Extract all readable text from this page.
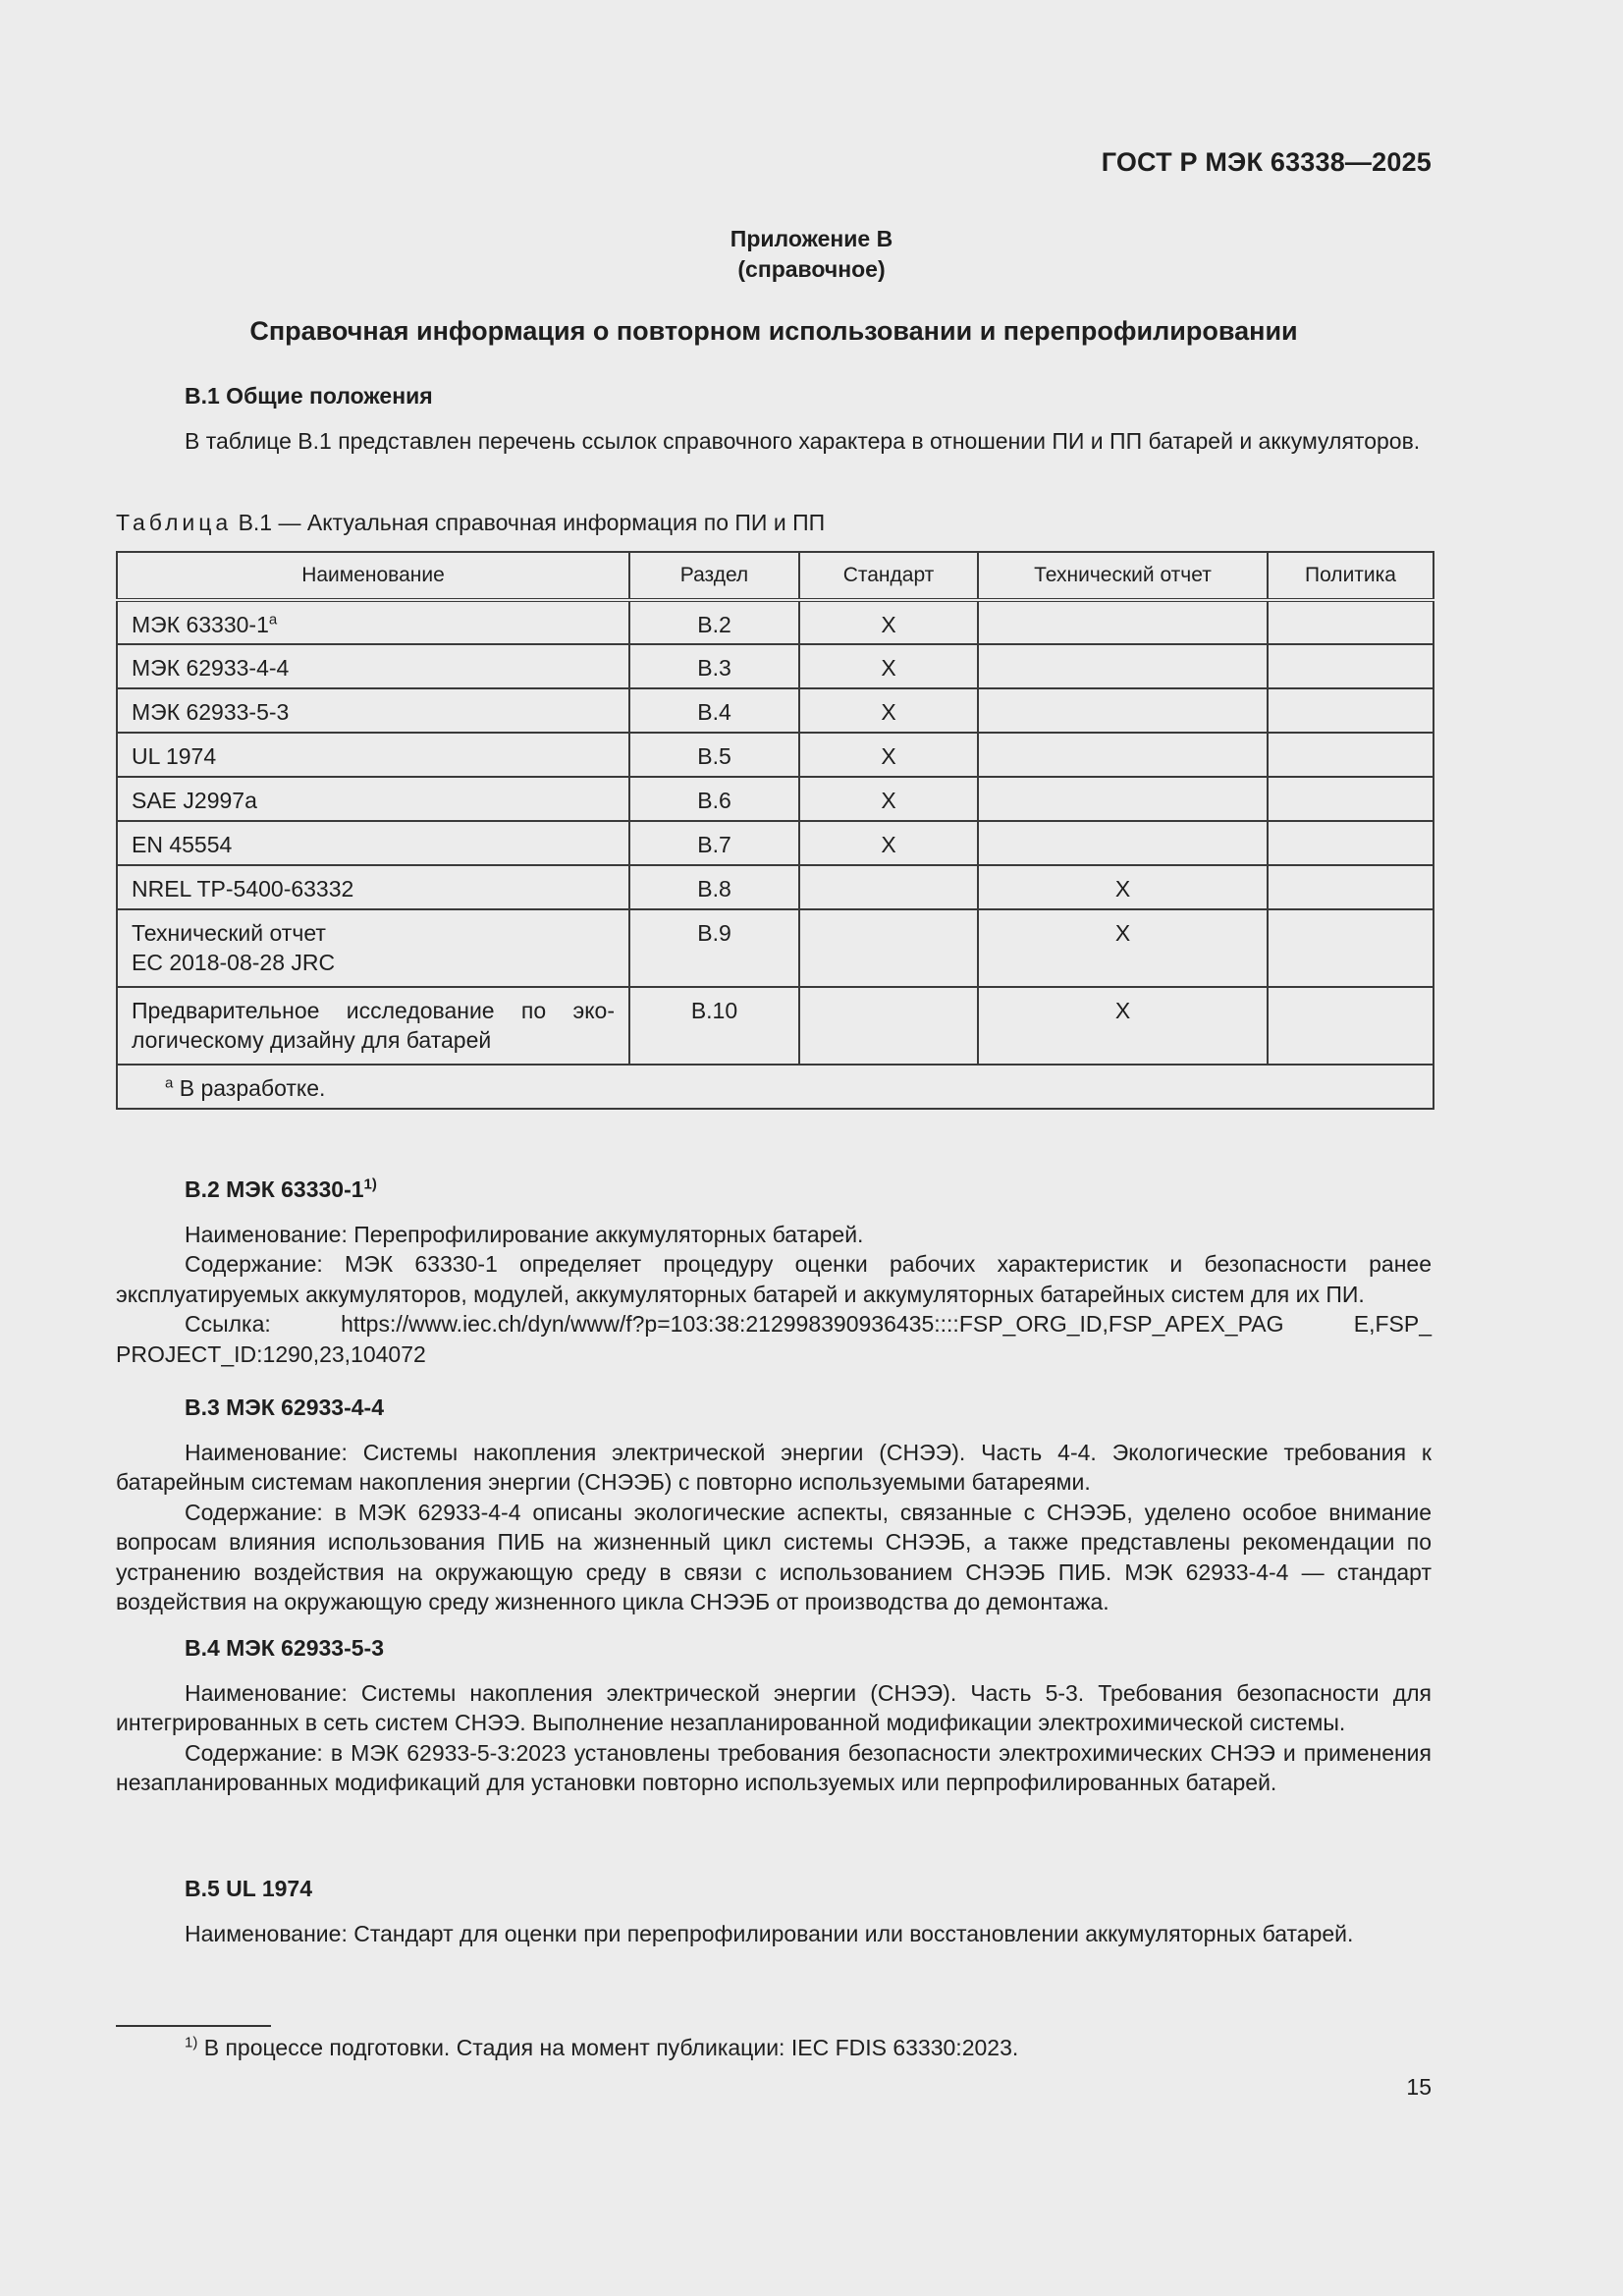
ГОСТ Р МЭК 63338—2025
Приложение В
(справочное)
Справочная информация о повторном использовании и перепрофилировании
В.1 Общие положения

В таблице В.1 представлен перечень ссылок справочного характера в отношении ПИ и ПП батарей и аккумуляторов.

Таблица В.1 — Актуальная справочная информация по ПИ и ПП
Наименование	Раздел	Стандарт	Технический отчет	Политика
МЭК 63330-1$^a$	В.2	X		
МЭК 62933-4-4	В.3	X		
МЭК 62933-5-3	В.4	X		
UL 1974	В.5	X		
SAE J2997a	В.6	X		
EN 45554	В.7	X		
NREL TP-5400-63332	В.8		X	

Технический отчет
EC 2018-08-28 JRC	В.9		X	

Предварительное исследование по эко-
логическому дизайну для батарей	В.10		X	
$^a$ В разработке.				
В.2 МЭК 63330-1$^{1)}$

Наименование: Перепрофилирование аккумуляторных батарей.

Содержание: МЭК 63330-1 определяет процедуру оценки рабочих характеристик и безопасности ранее эксплуатируемых аккумуляторов, модулей, аккумуляторных батарей и аккумуляторных батарейных систем для их ПИ.

Ссылка: https://www.iec.ch/dyn/www/f?p=103:38:212998390936435::::FSP_ORG_ID,FSP_APEX_PAG E,FSP_

PROJECT_ID:1290,23,104072

В.3 МЭК 62933-4-4

Наименование: Системы накопления электрической энергии (СНЭЭ). Часть 4-4. Экологические требования к батарейным системам накопления энергии (СНЭЭБ) с повторно используемыми батареями.

Содержание: в МЭК 62933-4-4 описаны экологические аспекты, связанные с СНЭЭБ, уделено особое внимание вопросам влияния использования ПИБ на жизненный цикл системы СНЭЭБ, а также представлены рекомендации по устранению воздействия на окружающую среду в связи с использованием СНЭЭБ ПИБ. МЭК 62933-4-4 — стандарт воздействия на окружающую среду жизненного цикла СНЭЭБ от производства до демонтажа.

В.4 МЭК 62933-5-3

Наименование: Системы накопления электрической энергии (СНЭЭ). Часть 5-3. Требования безопасности для интегрированных в сеть систем СНЭЭ. Выполнение незапланированной модификации электрохимической системы.

Содержание: в МЭК 62933-5-3:2023 установлены требования безопасности электрохимических СНЭЭ и применения незапланированных модификаций для установки повторно используемых или перпрофилированных батарей.

В.5 UL 1974

Наименование: Стандарт для оценки при перепрофилировании или восстановлении аккумуляторных батарей.

$^{1)}$ В процессе подготовки. Стадия на момент публикации: IEC FDIS 63330:2023.
15
